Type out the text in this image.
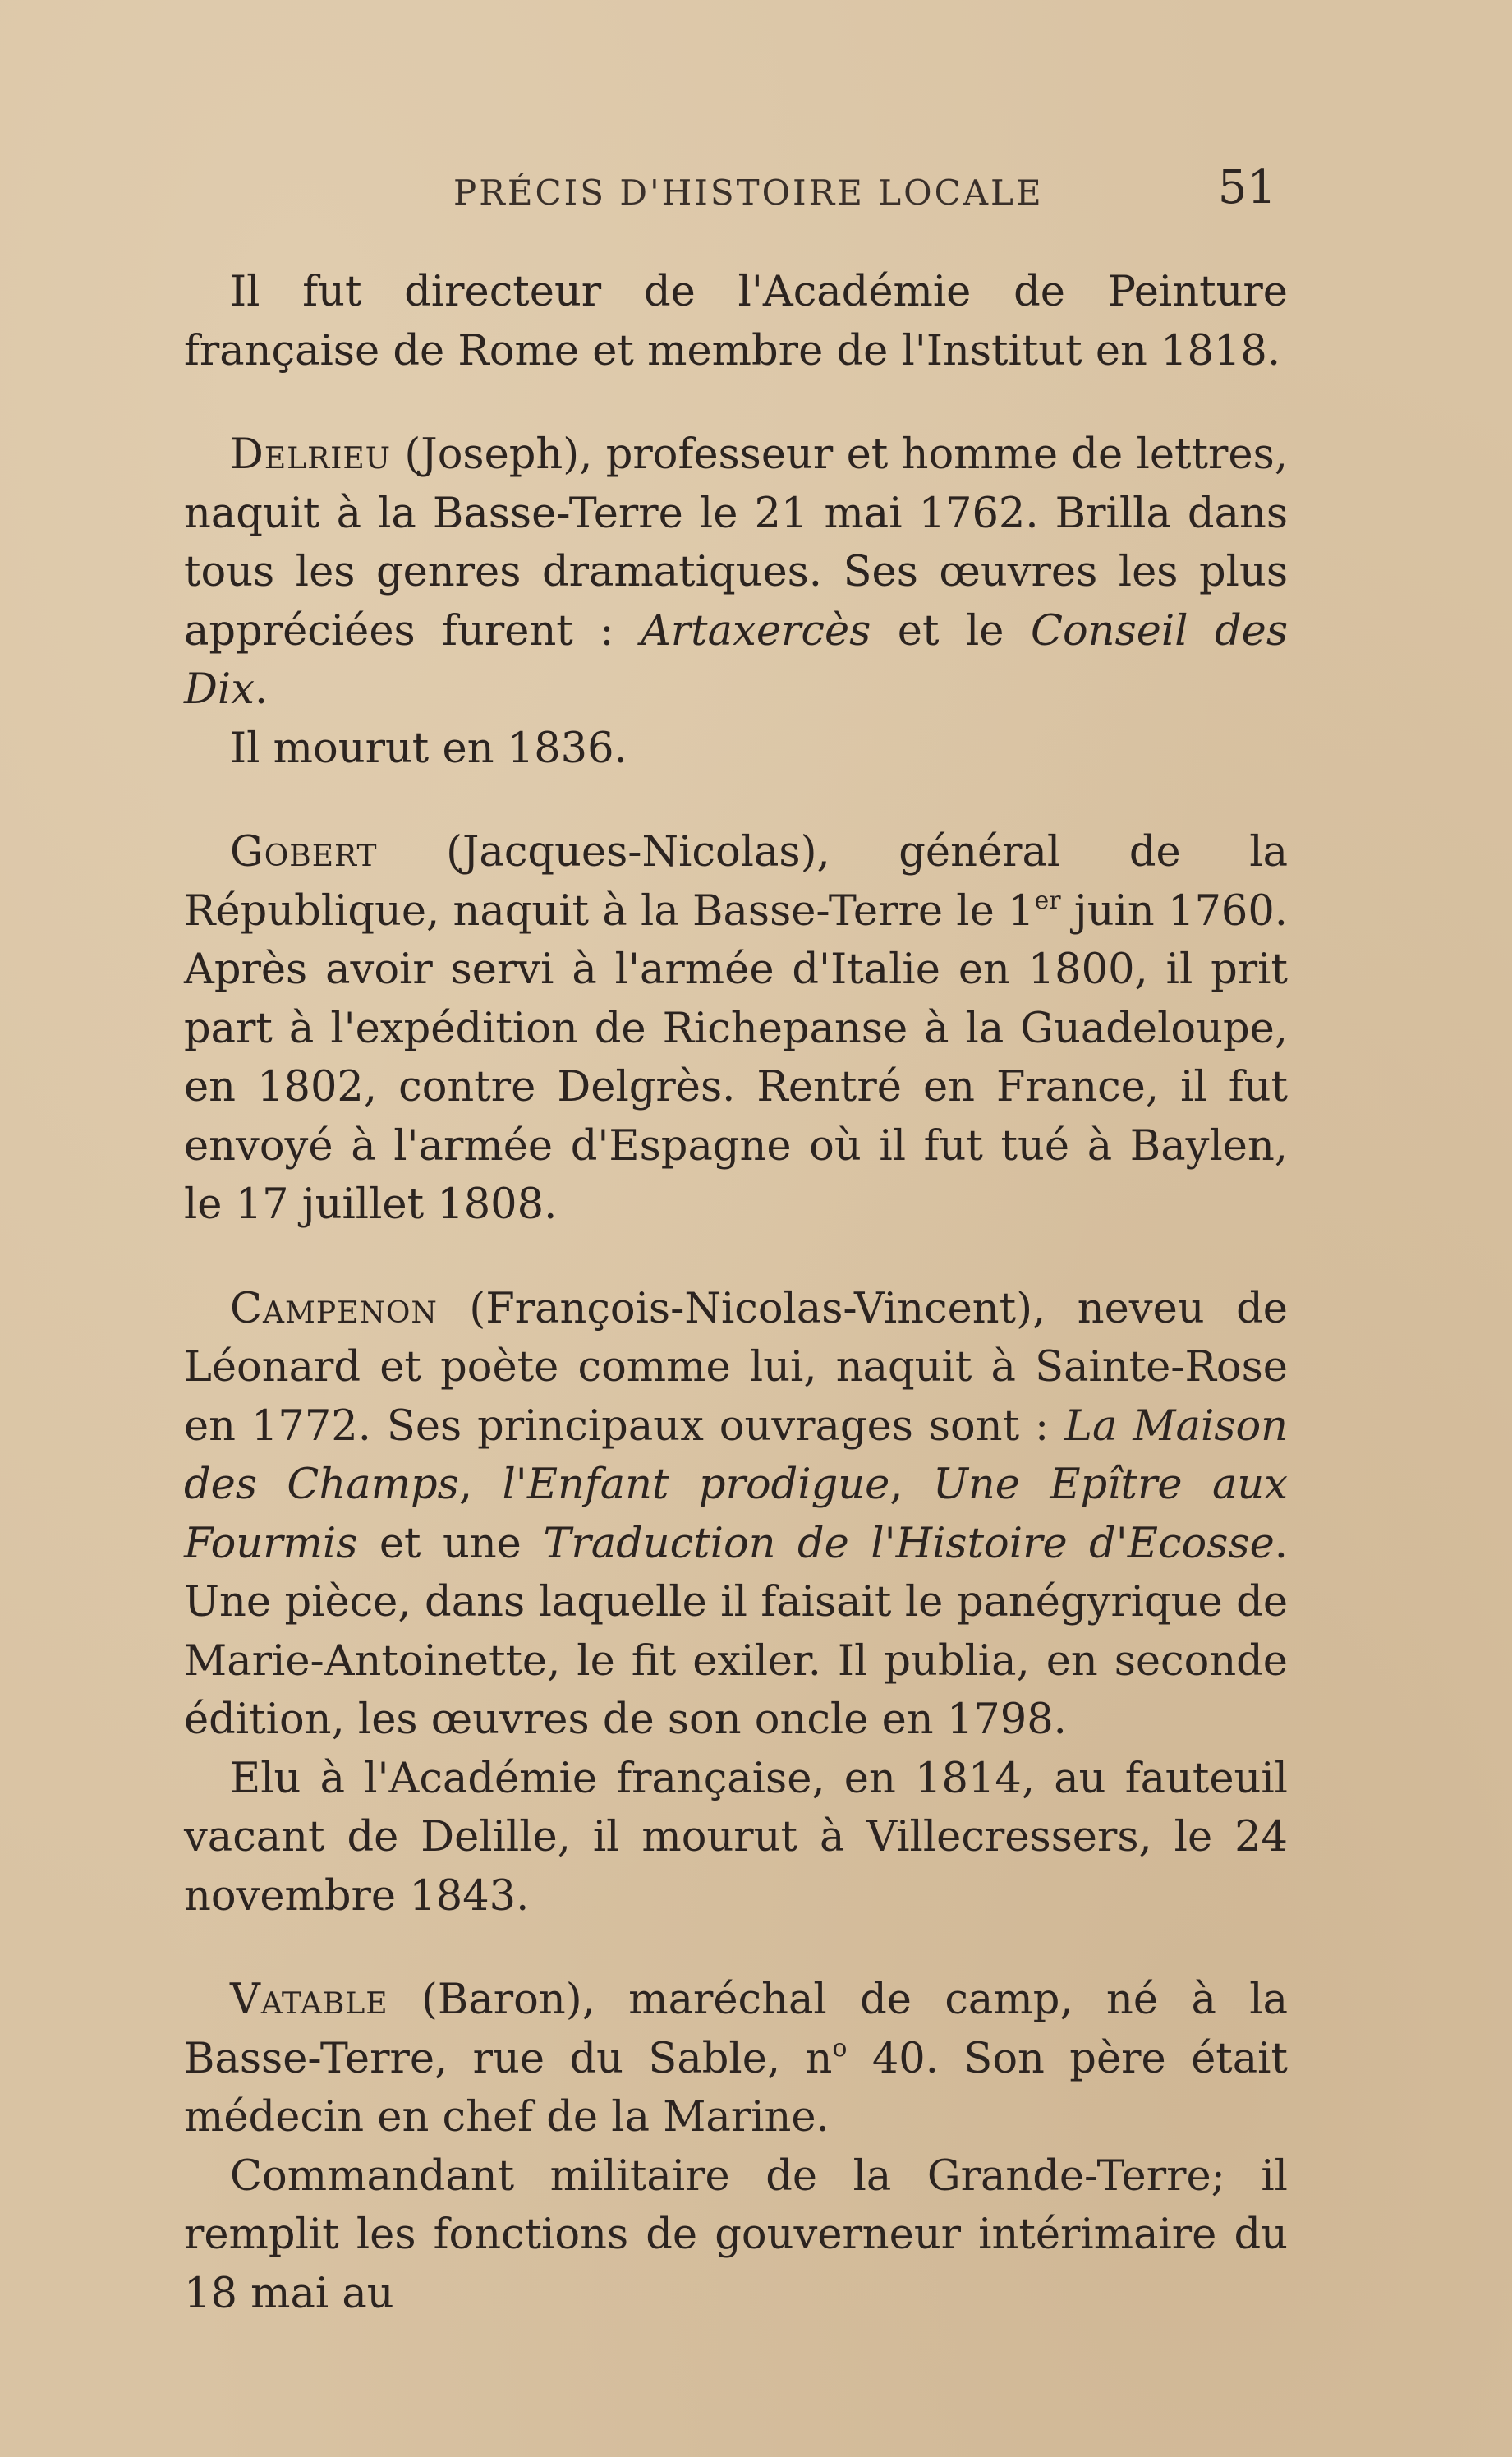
PRÉCIS D'HISTOIRE LOCALE	51

Il fut directeur de l'Académie de Peinture française de Rome et membre de l'Institut en 1818.

Delrieu (Joseph), professeur et homme de lettres, naquit à la Basse-Terre le 21 mai 1762. Brilla dans tous les genres dramatiques. Ses œuvres les plus appréciées furent : Artaxercès et le Conseil des Dix.

Il mourut en 1836.

Gobert (Jacques-Nicolas), général de la République, naquit à la Basse-Terre le 1er juin 1760. Après avoir servi à l'armée d'Italie en 1800, il prit part à l'expédition de Richepanse à la Guadeloupe, en 1802, contre Delgrès. Rentré en France, il fut envoyé à l'armée d'Espagne où il fut tué à Baylen, le 17 juillet 1808.

Campenon (François-Nicolas-Vincent), neveu de Léonard et poète comme lui, naquit à Sainte-Rose en 1772. Ses principaux ouvrages sont : La Maison des Champs, l'Enfant prodigue, Une Epître aux Fourmis et une Traduction de l'Histoire d'Ecosse. Une pièce, dans laquelle il faisait le panégyrique de Marie-Antoinette, le fit exiler. Il publia, en seconde édition, les œuvres de son oncle en 1798.

Elu à l'Académie française, en 1814, au fauteuil vacant de Delille, il mourut à Villecressers, le 24 novembre 1843.

Vatable (Baron), maréchal de camp, né à la Basse-Terre, rue du Sable, $n^o$ 40. Son père était médecin en chef de la Marine.

Commandant militaire de la Grande-Terre; il remplit les fonctions de gouverneur intérimaire du 18 mai au
